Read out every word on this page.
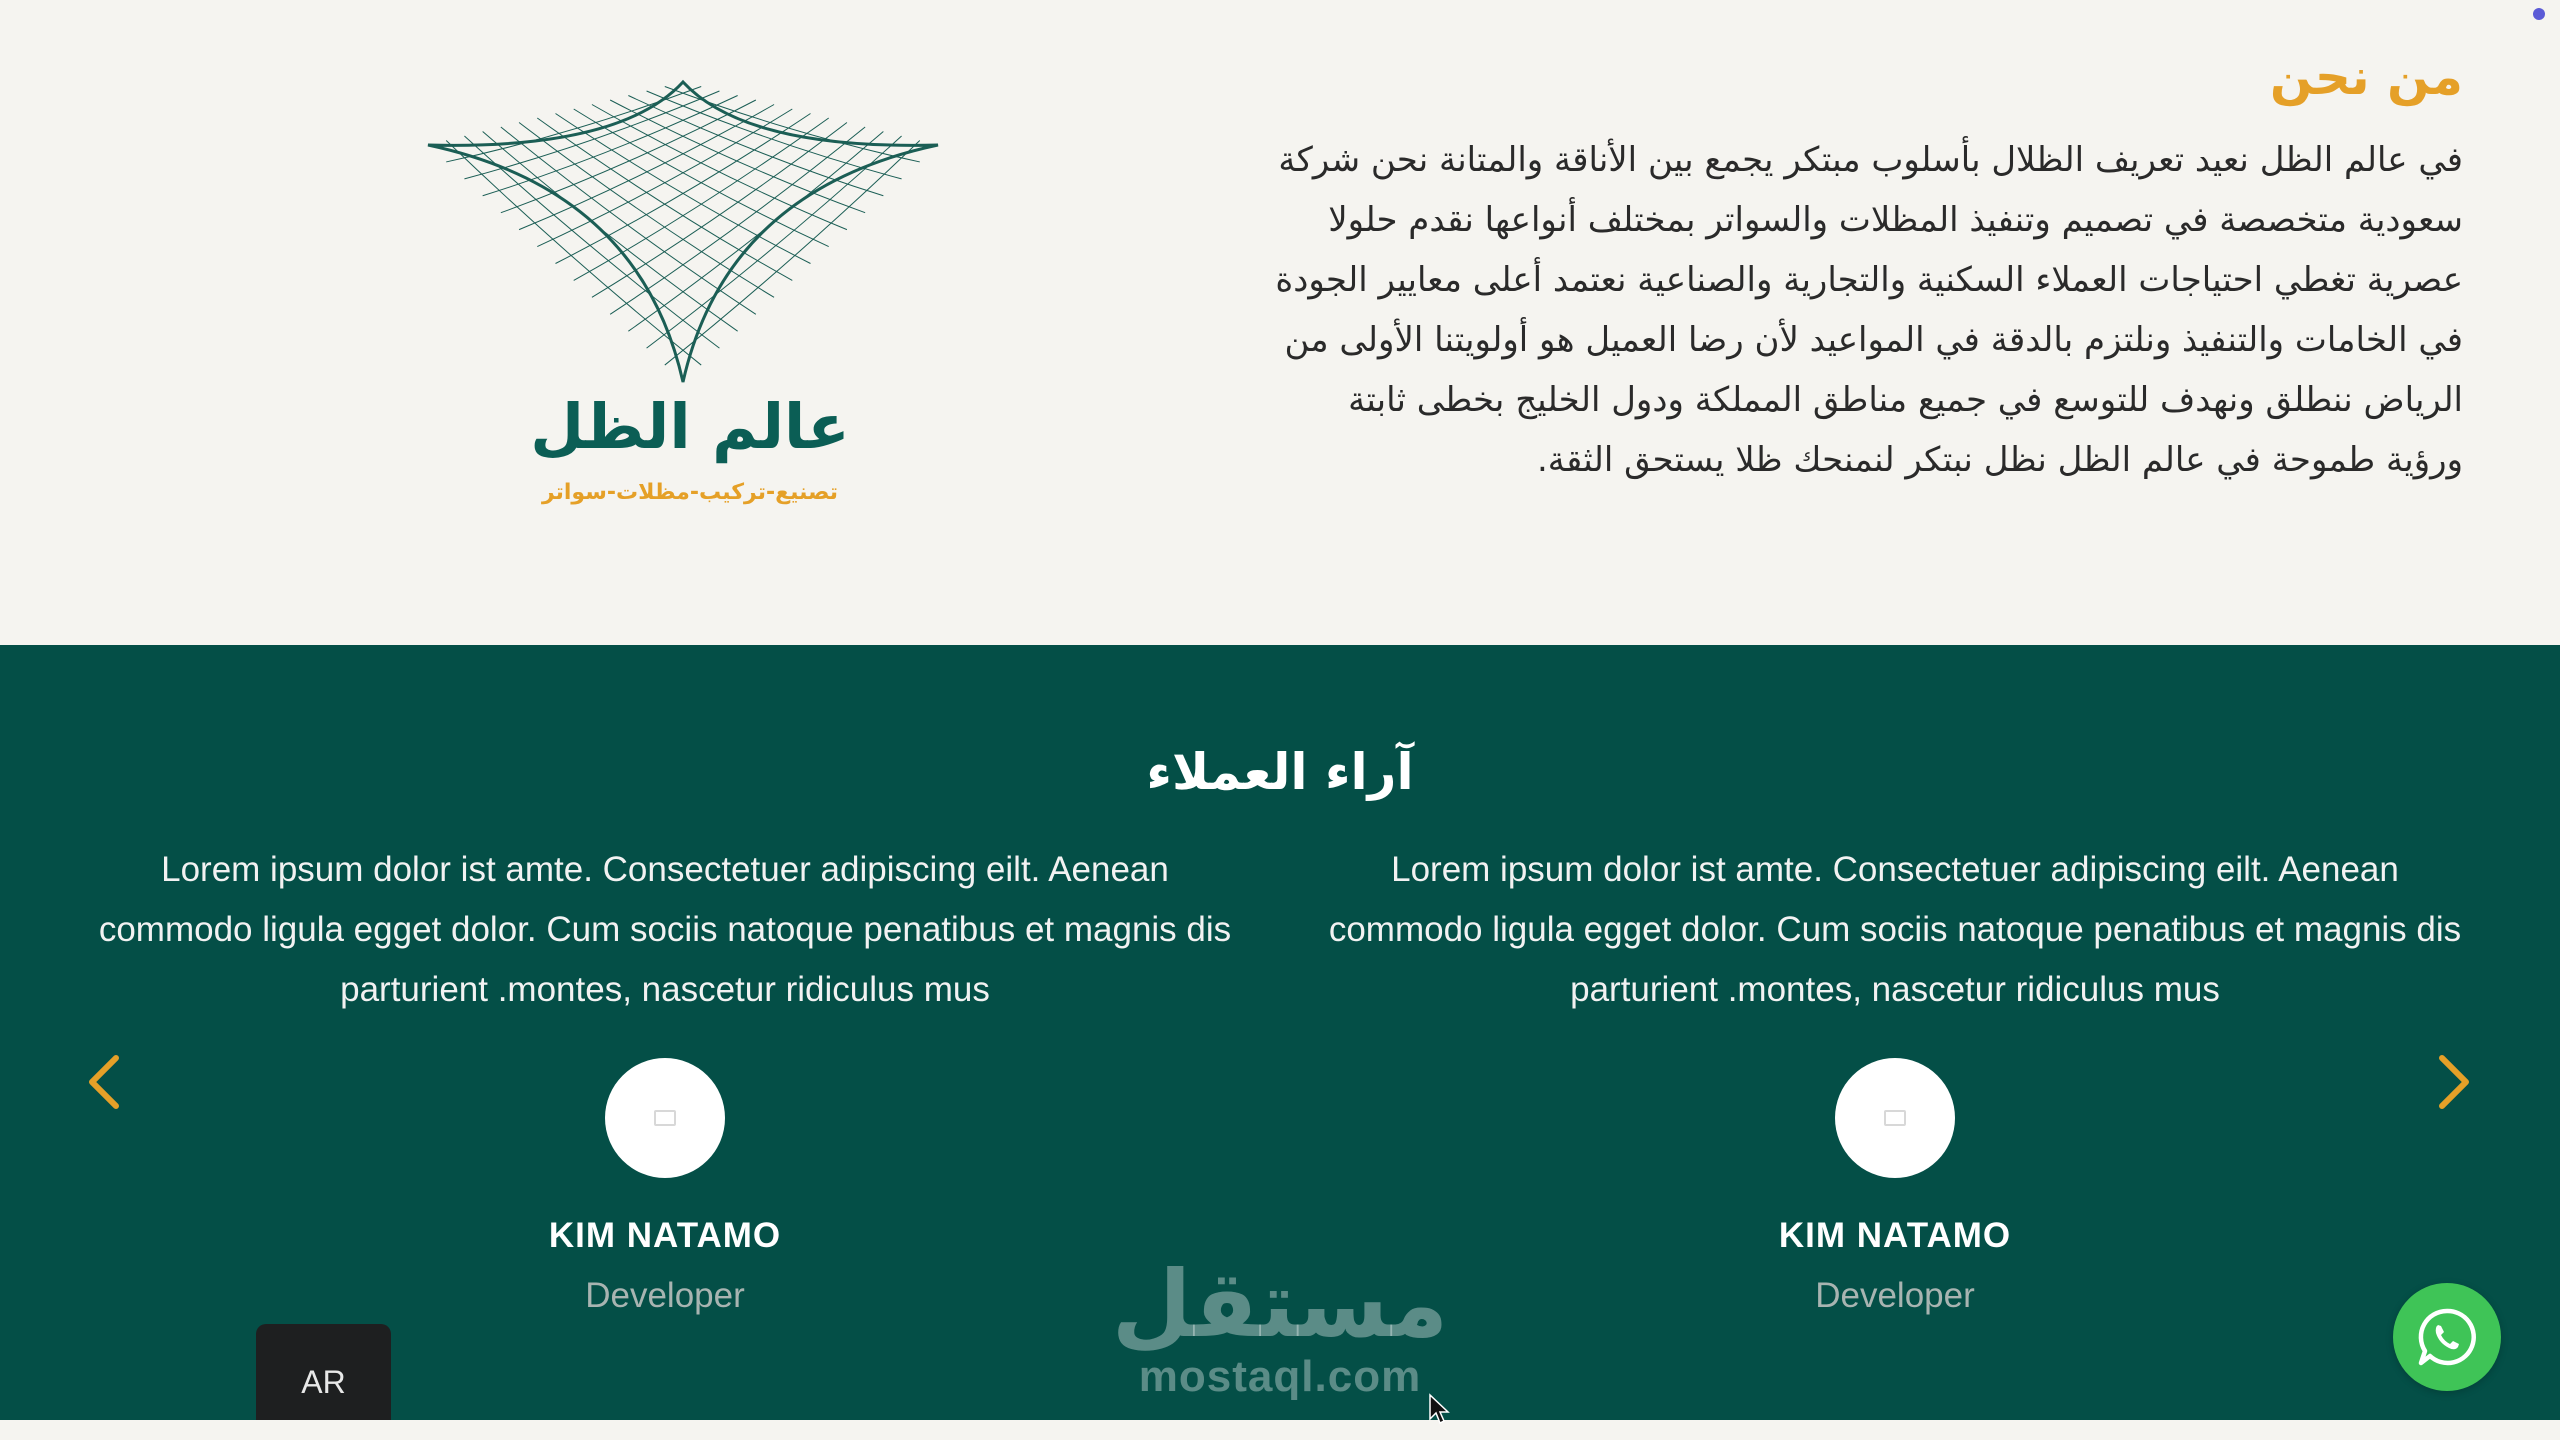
عالم الظل
تصنيع-تركيب-مظلات-سواتر
من نحن

في عالم الظل نعيد تعريف الظلال بأسلوب مبتكر يجمع بين الأناقة والمتانة نحن شركة سعودية متخصصة في تصميم وتنفيذ المظلات والسواتر بمختلف أنواعها نقدم حلولا عصرية تغطي احتياجات العملاء السكنية والتجارية والصناعية نعتمد أعلى معايير الجودة في الخامات والتنفيذ ونلتزم بالدقة في المواعيد لأن رضا العميل هو أولويتنا الأولى من الرياض ننطلق ونهدف للتوسع في جميع مناطق المملكة ودول الخليج بخطى ثابتة ورؤية طموحة في عالم الظل نظل نبتكر لنمنحك ظلا يستحق الثقة.

آراء العملاء

Lorem ipsum dolor ist amte. Consectetuer adipiscing eilt. Aenean commodo ligula egget dolor. Cum sociis natoque penatibus et magnis dis parturient .montes, nascetur ridiculus mus

KIM NATAMO
Developer

Lorem ipsum dolor ist amte. Consectetuer adipiscing eilt. Aenean commodo ligula egget dolor. Cum sociis natoque penatibus et magnis dis parturient .montes, nascetur ridiculus mus

KIM NATAMO
Developer	مستقل
mostaql.com
AR
